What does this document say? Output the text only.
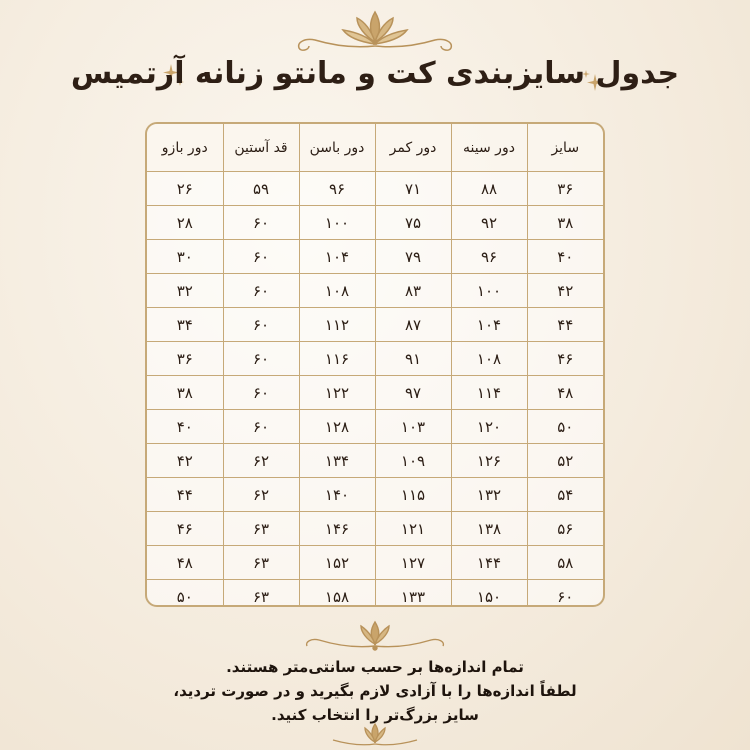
جدول سایزبندی کت و مانتو زنانه آرتمیس
سایز	دور سینه	دور کمر	دور باسن	قد آستین	دور بازو
۳۶	۸۸	۷۱	۹۶	۵۹	۲۶
۳۸	۹۲	۷۵	۱۰۰	۶۰	۲۸
۴۰	۹۶	۷۹	۱۰۴	۶۰	۳۰
۴۲	۱۰۰	۸۳	۱۰۸	۶۰	۳۲
۴۴	۱۰۴	۸۷	۱۱۲	۶۰	۳۴
۴۶	۱۰۸	۹۱	۱۱۶	۶۰	۳۶
۴۸	۱۱۴	۹۷	۱۲۲	۶۰	۳۸
۵۰	۱۲۰	۱۰۳	۱۲۸	۶۰	۴۰
۵۲	۱۲۶	۱۰۹	۱۳۴	۶۲	۴۲
۵۴	۱۳۲	۱۱۵	۱۴۰	۶۲	۴۴
۵۶	۱۳۸	۱۲۱	۱۴۶	۶۳	۴۶
۵۸	۱۴۴	۱۲۷	۱۵۲	۶۳	۴۸
۶۰	۱۵۰	۱۳۳	۱۵۸	۶۳	۵۰
تمام اندازه‌ها بر حسب سانتی‌متر هستند.
لطفاً اندازه‌ها را با آزادی لازم بگیرید و در صورت تردید،
سایز بزرگ‌تر را انتخاب کنید.
